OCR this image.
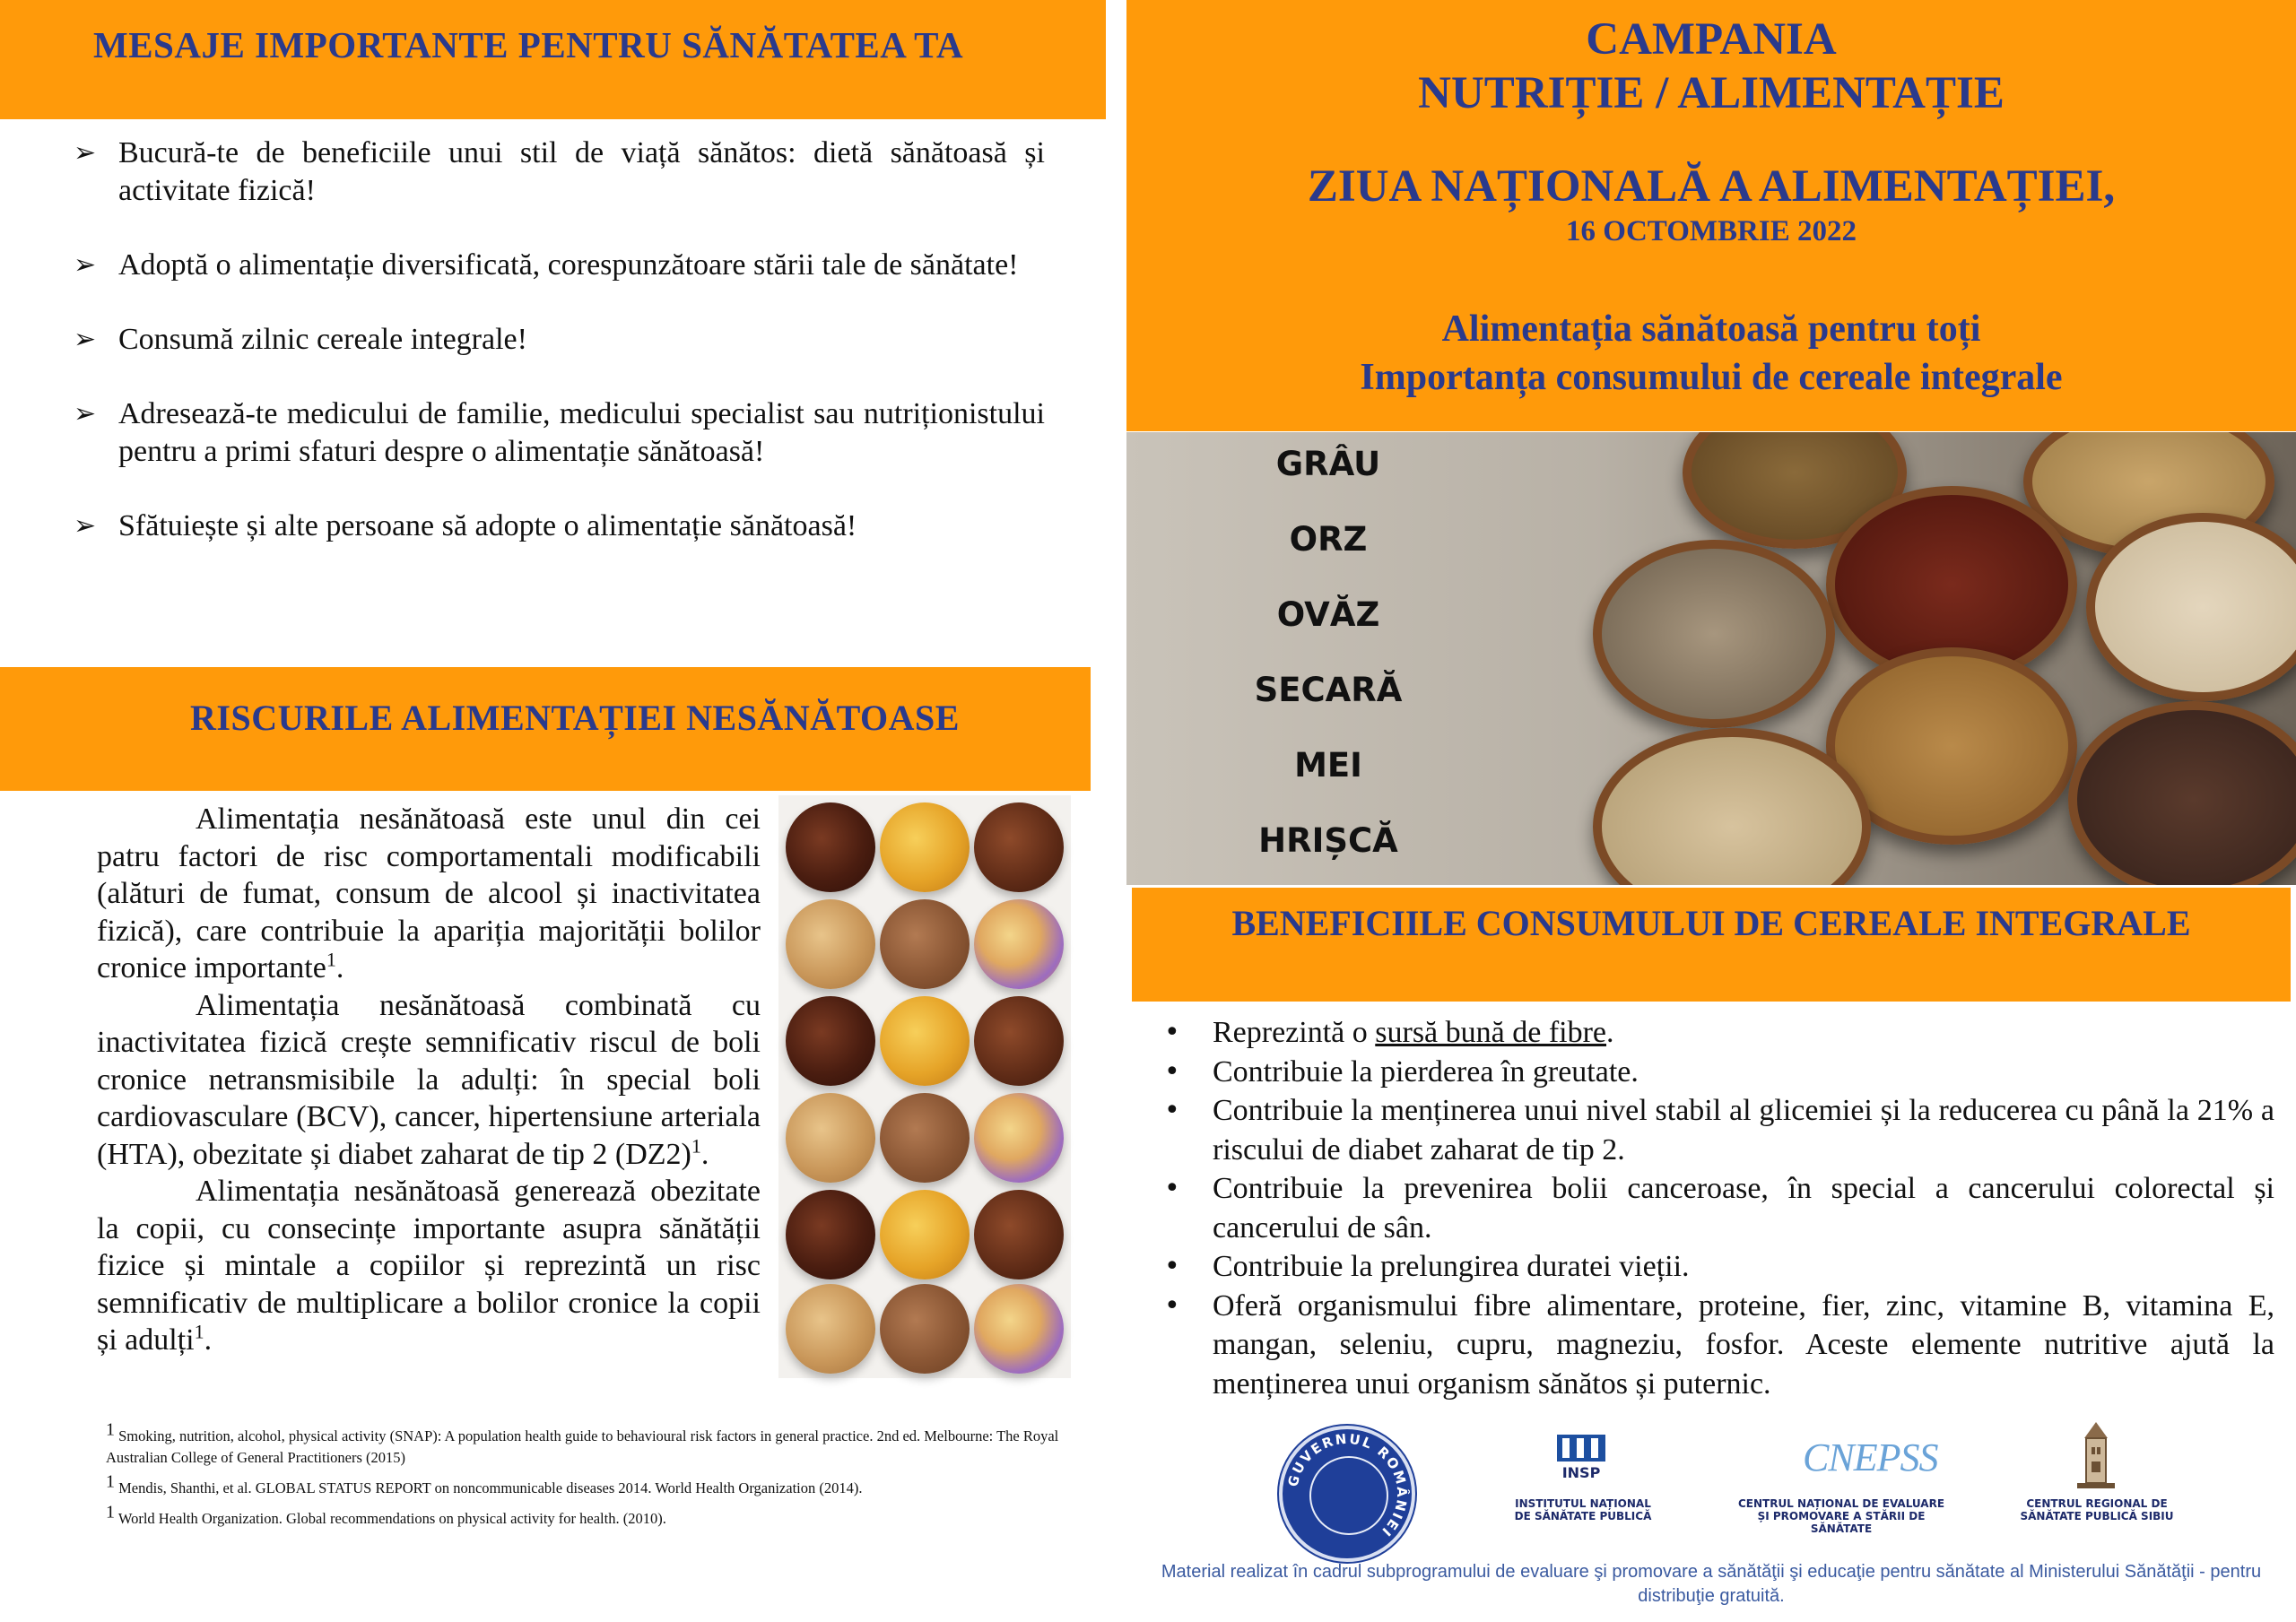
MESAJE IMPORTANTE PENTRU SĂNĂTATEA TA
➢ Bucură-te de beneficiile unui stil de viață sănătos: dietă sănătoasă și activitate fizică!
➢ Adoptă o alimentație diversificată, corespunzătoare stării tale de sănătate!
➢ Consumă zilnic cereale integrale!
➢ Adresează-te medicului de familie, medicului specialist sau nutriționistului pentru a primi sfaturi despre o alimentație sănătoasă!
➢ Sfătuiește și alte persoane să adopte o alimentație sănătoasă!
RISCURILE ALIMENTAȚIEI NESĂNĂTOASE

Alimentația nesănătoasă este unul din cei patru factori de risc comportamentali modificabili (alături de fumat, consum de alcool și inactivitatea fizică), care contribuie la apariția majorității bolilor cronice importante$^1$.

Alimentația nesănătoasă combinată cu inactivitatea fizică crește semnificativ riscul de boli cronice netransmisibile la adulți: în special boli cardiovasculare (BCV), cancer, hipertensiune arteriala (HTA), obezitate și diabet zaharat de tip 2 $(DZ2)^1$.

Alimentația nesănătoasă generează obezitate la copii, cu consecințe importante asupra sănătății fizice și mintale a copiilor și reprezintă un risc semnificativ de multiplicare a bolilor cronice la copii și adulți$^1$.

$^1$ Smoking, nutrition, alcohol, physical activity (SNAP): A population health guide to behavioural risk factors in general practice. 2nd ed. Melbourne: The Royal Australian College of General Practitioners (2015)
$^1$ Mendis, Shanthi, et al. GLOBAL STATUS REPORT on noncommunicable diseases 2014. World Health Organization (2014).
$^1$ World Health Organization. Global recommendations on physical activity for health. (2010).
CAMPANIA
NUTRIȚIE / ALIMENTAȚIE
ZIUA NAȚIONALĂ A ALIMENTAȚIEI,
16 OCTOMBRIE 2022
Alimentația sănătoasă pentru toți
Importanța consumului de cereale integrale
GRÂU
ORZ
OVĂZ
SECARĂ
MEI
HRIȘCĂ
BENEFICIILE CONSUMULUI DE CEREALE INTEGRALE
• Reprezintă o sursă bună de fibre.
• Contribuie la pierderea în greutate.
• Contribuie la menținerea unui nivel stabil al glicemiei și la reducerea cu până la 21% a riscului de diabet zaharat de tip 2.
• Contribuie la prevenirea bolii canceroase, în special a cancerului colorectal și cancerului de sân.
• Contribuie la prelungirea duratei vieții.
• Oferă organismului fibre alimentare, proteine, fier, zinc, vitamine B, vitamina E, mangan, seleniu, cupru, magneziu, fosfor. Aceste elemente nutritive ajută la menținerea unui organism sănătos și puternic.
GUVERNUL ROMÂNIEI
INSP
INSTITUTUL NAȚIONAL DE SĂNĂTATE PUBLICĂ
CNEPSS
CENTRUL NAȚIONAL DE EVALUARE ȘI PROMOVARE A STĂRII DE SĂNĂTATE
CENTRUL REGIONAL DE SĂNĂTATE PUBLICĂ SIBIU
Material realizat în cadrul subprogramului de evaluare şi promovare a sănătăţii şi educaţie pentru sănătate al Ministerului Sănătăţii - pentru distribuţie gratuită.
